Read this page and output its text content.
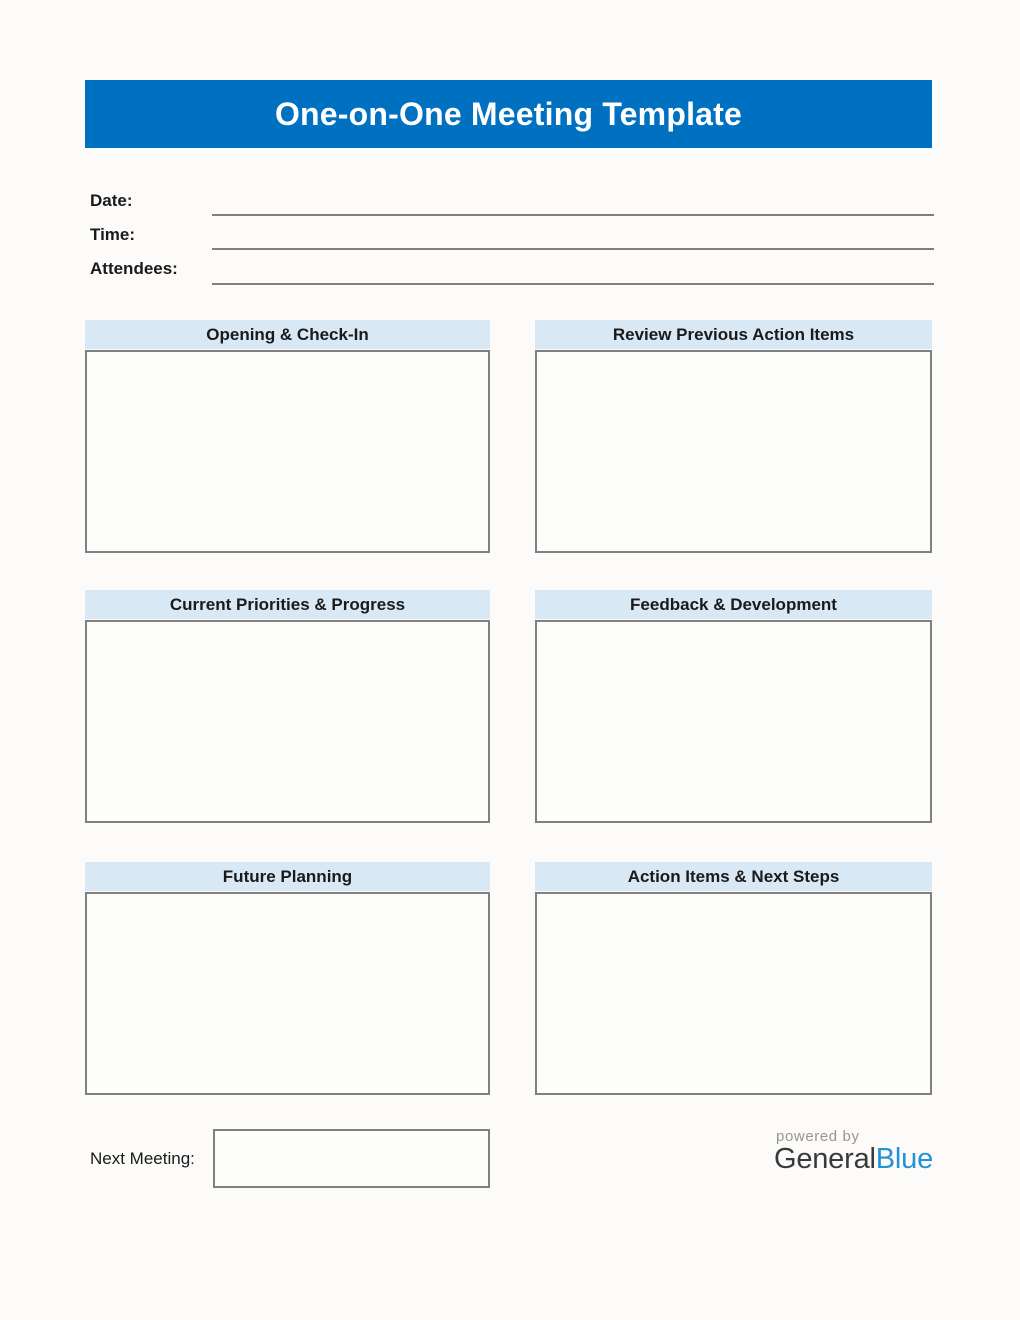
One-on-One Meeting Template
Date:
Time:
Attendees:
Opening & Check-In	Review Previous Action Items
Current Priorities & Progress	Feedback & Development
Future Planning	Action Items & Next Steps
Next Meeting:
powered by
GeneralBlue
